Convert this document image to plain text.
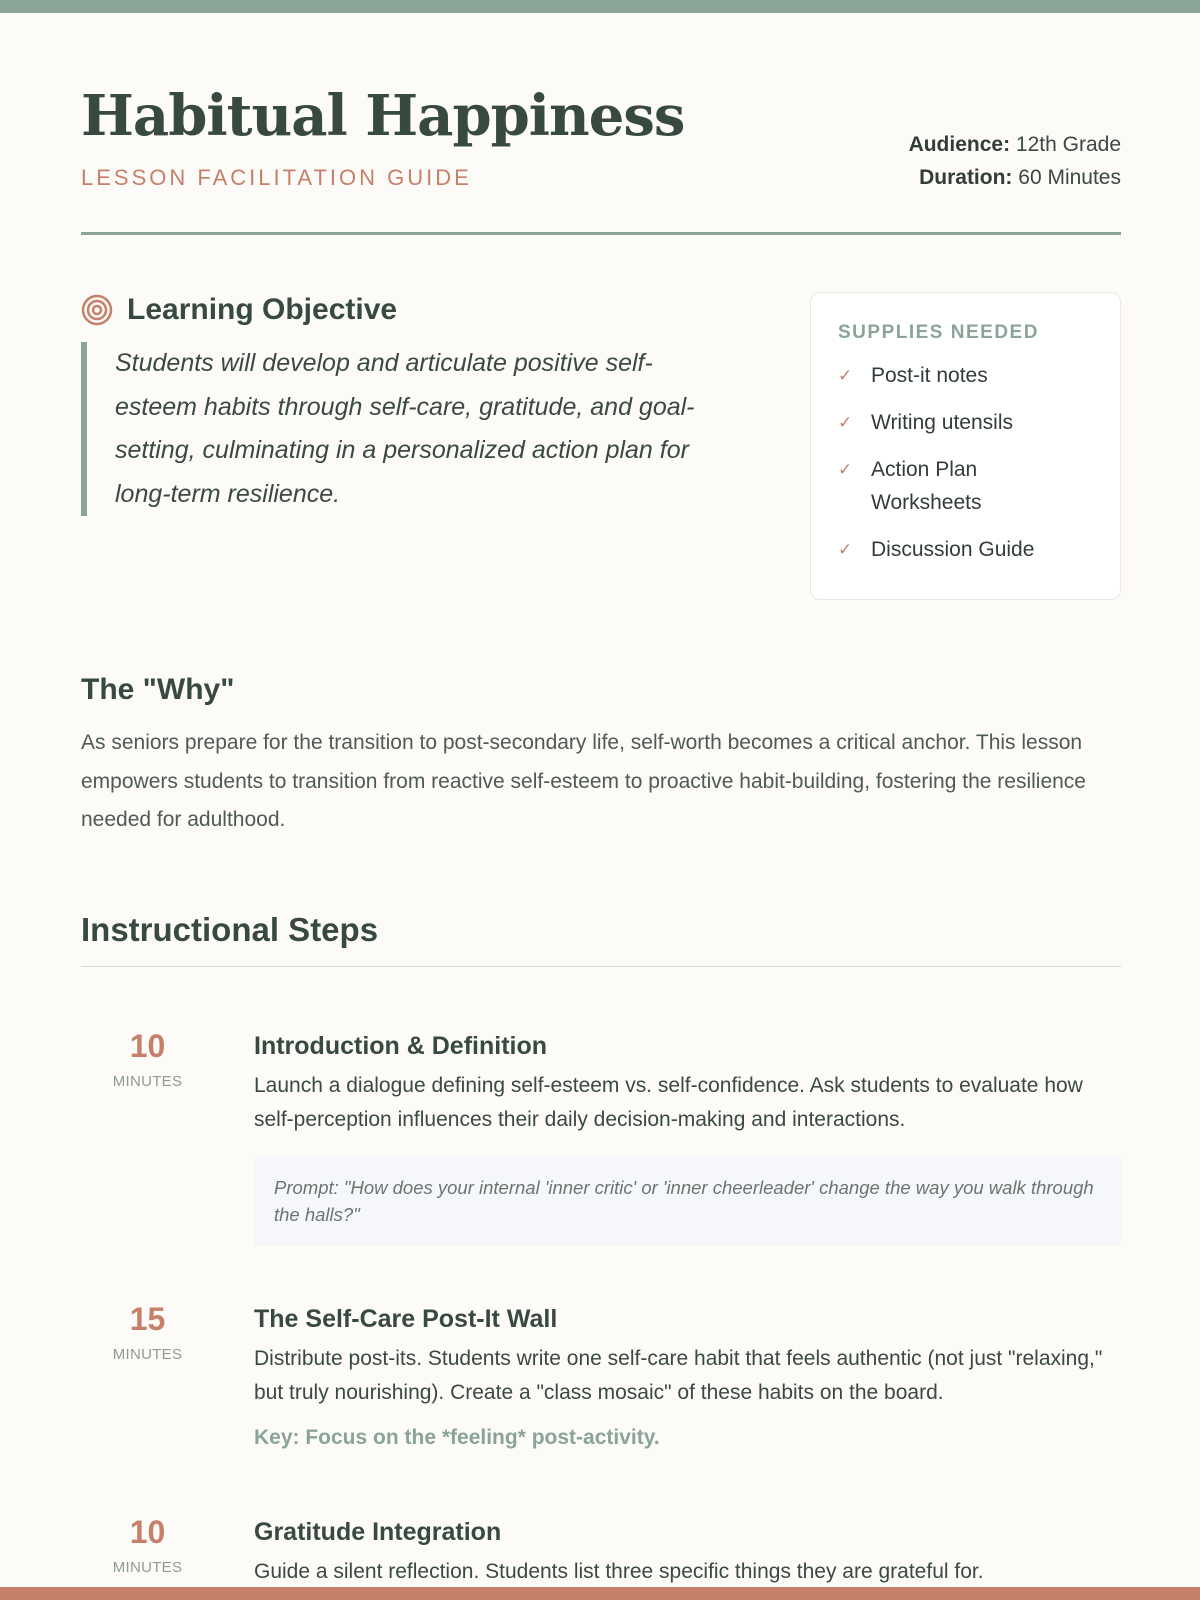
Habitual Happiness
LESSON FACILITATION GUIDE
Audience: 12th Grade
Duration: 60 Minutes
Learning Objective
Students will develop and articulate positive self-esteem habits through self-care, gratitude, and goal-setting, culminating in a personalized action plan for long-term resilience.
SUPPLIES NEEDED
✓ Post-it notes
✓ Writing utensils
✓ Action Plan Worksheets
✓ Discussion Guide
The "Why"

As seniors prepare for the transition to post-secondary life, self-worth becomes a critical anchor. This lesson empowers students to transition from reactive self-esteem to proactive habit-building, fostering the resilience needed for adulthood.

Instructional Steps
10
MINUTES
Introduction & Definition

Launch a dialogue defining self-esteem vs. self-confidence. Ask students to evaluate how self-perception influences their daily decision-making and interactions.

Prompt: "How does your internal 'inner critic' or 'inner cheerleader' change the way you walk through the halls?"
15
MINUTES
The Self-Care Post-It Wall

Distribute post-its. Students write one self-care habit that feels authentic (not just "relaxing," but truly nourishing). Create a "class mosaic" of these habits on the board.

Key: Focus on the *feeling* post-activity.
10
MINUTES
Gratitude Integration

Guide a silent reflection. Students list three specific things they are grateful for.
